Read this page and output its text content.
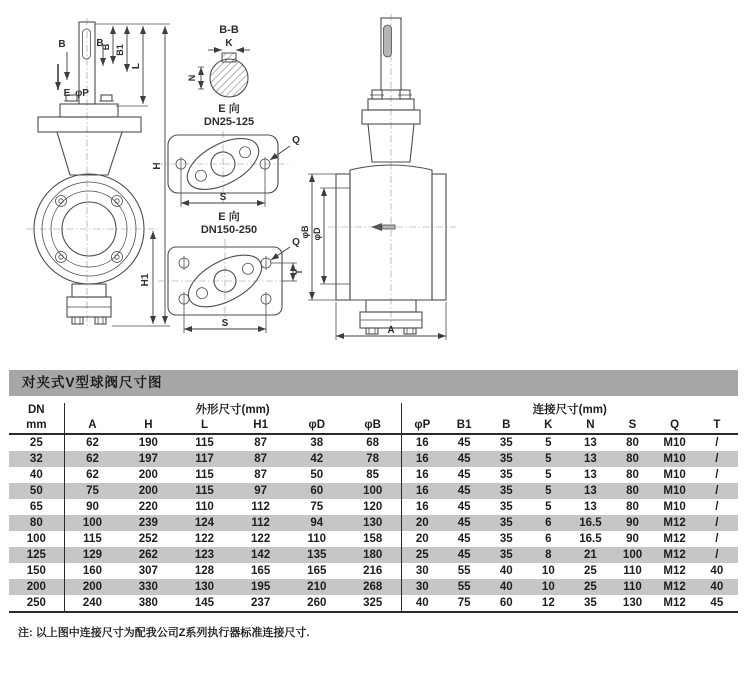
B	B
B B1
E φP
L
H
H1
B-B
K
N
E 向
DN25-125
Q
S
E 向
DN150-250
Q
T
S
φB φD
A
对夹式V型球阀尺寸图
DN	外形尺寸(mm)						连接尺寸(mm)							
mm	A	H	L	H1	φD	φB	φP	B1	B	K	N	S	Q	T
25	62	190	115	87	38	68	16	45	35	5	13	80	M10	/
32	62	197	117	87	42	78	16	45	35	5	13	80	M10	/
40	62	200	115	87	50	85	16	45	35	5	13	80	M10	/
50	75	200	115	97	60	100	16	45	35	5	13	80	M10	/
65	90	220	110	112	75	120	16	45	35	5	13	80	M10	/
80	100	239	124	112	94	130	20	45	35	6	16.5	90	M12	/
100	115	252	122	122	110	158	20	45	35	6	16.5	90	M12	/
125	129	262	123	142	135	180	25	45	35	8	21	100	M12	/
150	160	307	128	165	165	216	30	55	40	10	25	110	M12	40
200	200	330	130	195	210	268	30	55	40	10	25	110	M12	40
250	240	380	145	237	260	325	40	75	60	12	35	130	M12	45
注: 以上图中连接尺寸为配我公司Z系列执行器标准连接尺寸.
